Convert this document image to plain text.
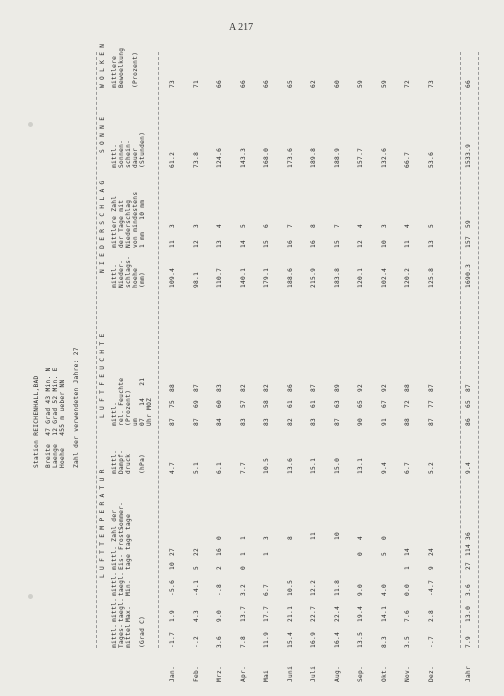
A 217
Station REICHENHALL,BAD Breite  47 Grad 43 Min. N Laenge  12 Grad 52 Min. E Hoehe   455 m ueber NN Zahl der verwendeten Jahre: 27
L U F T T E M P E R A T U R
L U F T F E U C H T E
N I E D E R S C H L A G
S O N N E
W O L K E N
mittl. Tages- mittel (Grad C)
mittl. taegl. Max.
mittl. taegl. Min.
mittl. Zahl der Eis- tage
Frost- tage
Sommer- tage
mittl. Dampf- druck (hPa)
mittl. rel. Feuchte (Prozent) um 07   14   21 Uhr MOZ
mittl. Nieder- schlags- hoehe (mm)
mittlere Zahl der Tage mit Niederschlag von mindestens 1 mm   10 mm
mittl. Sonnen- schein- dauer (Stunden)
mittlere Bewoelkung (Prozent)
Jan.
-1.7
1.9
-5.6
10
27
4.7
87
75
88
109.4
11
3
61.2
73
Feb.
-.2
4.3
-4.1
5
22
5.1
87
69
87
98.1
12
3
73.8
71
Mrz.
3.6
9.0
-.8
2
16
0
6.1
84
60
83
110.7
13
4
124.6
66
Apr.
7.8
13.7
3.2
0
1
1
7.7
83
57
82
140.1
14
5
143.3
66
Mai
11.9
17.7
6.7
1
3
10.5
83
58
82
179.1
15
6
168.0
66
Juni
15.4
21.1
10.5
8
13.6
82
61
86
188.6
16
7
173.6
65
Juli
16.9
22.7
12.2
11
15.1
83
61
87
215.9
16
8
189.8
62
Aug.
16.4
22.4
11.8
10
15.0
87
63
89
183.8
15
7
188.9
60
Sep.
13.5
19.4
9.0
0
4
13.1
90
65
92
120.1
12
4
157.7
59
Okt.
8.3
14.1
4.0
5
0
9.4
91
67
92
102.4
10
3
132.6
59
Nov.
3.5
7.6
0.0
1
14
6.7
88
72
88
120.2
11
4
66.7
72
Dez.
-.7
2.8
-4.7
9
24
5.2
87
77
87
125.8
13
5
53.6
73
Jahr
7.9
13.0
3.6
27
114
36
9.4
86
65
87
1690.3
157
59
1533.9
66
